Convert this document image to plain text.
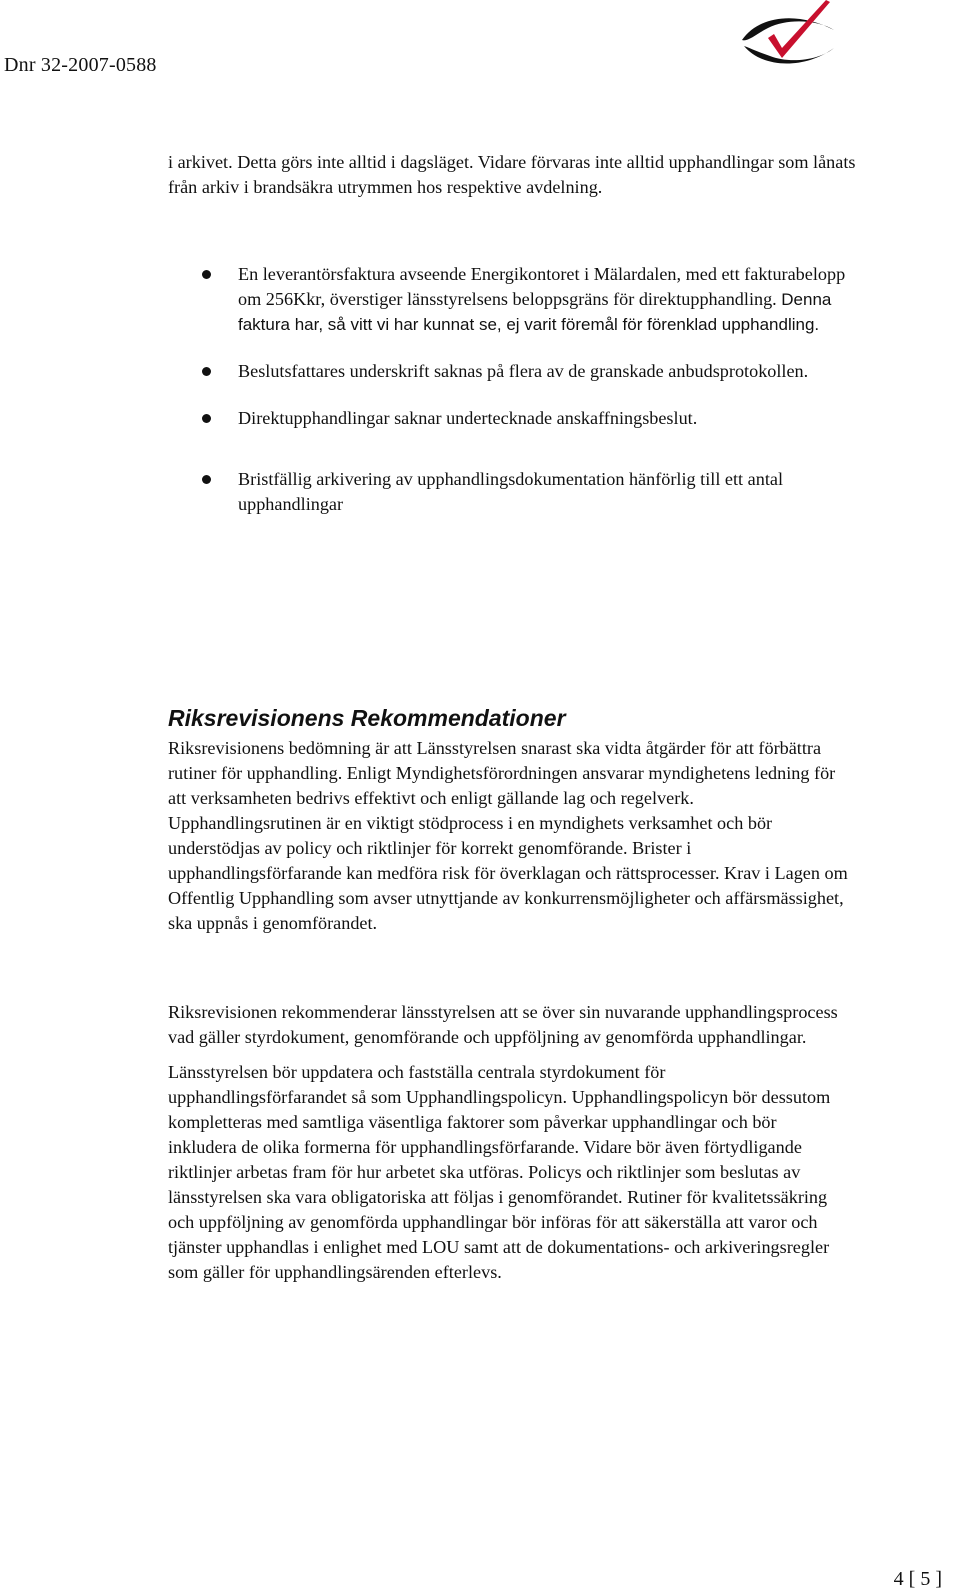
Dnr 32-2007-0588

i arkivet. Detta görs inte alltid i dagsläget. Vidare förvaras inte alltid upphandlingar som lånats från arkiv i brandsäkra utrymmen hos respektive avdelning.

En leverantörsfaktura avseende Energikontoret i Mälardalen, med ett fakturabelopp om 256Kkr, överstiger länsstyrelsens beloppsgräns för direktupphandling. Denna faktura har, så vitt vi har kunnat se, ej varit föremål för förenklad upphandling.
Beslutsfattares underskrift saknas på flera av de granskade anbudsprotokollen.
Direktupphandlingar saknar undertecknade anskaffningsbeslut.
Bristfällig arkivering av upphandlingsdokumentation hänförlig till ett antal upphandlingar
Riksrevisionens Rekommendationer

Riksrevisionens bedömning är att Länsstyrelsen snarast ska vidta åtgärder för att förbättra rutiner för upphandling. Enligt Myndighetsförordningen ansvarar myndighetens ledning för att verksamheten bedrivs effektivt och enligt gällande lag och regelverk. Upphandlingsrutinen är en viktigt stödprocess i en myndighets verksamhet och bör understödjas av policy och riktlinjer för korrekt genomförande. Brister i upphandlingsförfarande kan medföra risk för överklagan och rättsprocesser. Krav i Lagen om Offentlig Upphandling som avser utnyttjande av konkurrensmöjligheter och affärsmässighet, ska uppnås i genomförandet.

Riksrevisionen rekommenderar länsstyrelsen att se över sin nuvarande upphandlingsprocess vad gäller styrdokument, genomförande och uppföljning av genomförda upphandlingar.

Länsstyrelsen bör uppdatera och fastställa centrala styrdokument för upphandlingsförfarandet så som Upphandlingspolicyn. Upphandlingspolicyn bör dessutom kompletteras med samtliga väsentliga faktorer som påverkar upphandlingar och bör inkludera de olika formerna för upphandlingsförfarande. Vidare bör även förtydligande riktlinjer arbetas fram för hur arbetet ska utföras. Policys och riktlinjer som beslutas av länsstyrelsen ska vara obligatoriska att följas i genomförandet. Rutiner för kvalitetssäkring och uppföljning av genomförda upphandlingar bör införas för att säkerställa att varor och tjänster upphandlas i enlighet med LOU samt att de dokumentations- och arkiveringsregler som gäller för upphandlingsärenden efterlevs.

4 [ 5 ]
